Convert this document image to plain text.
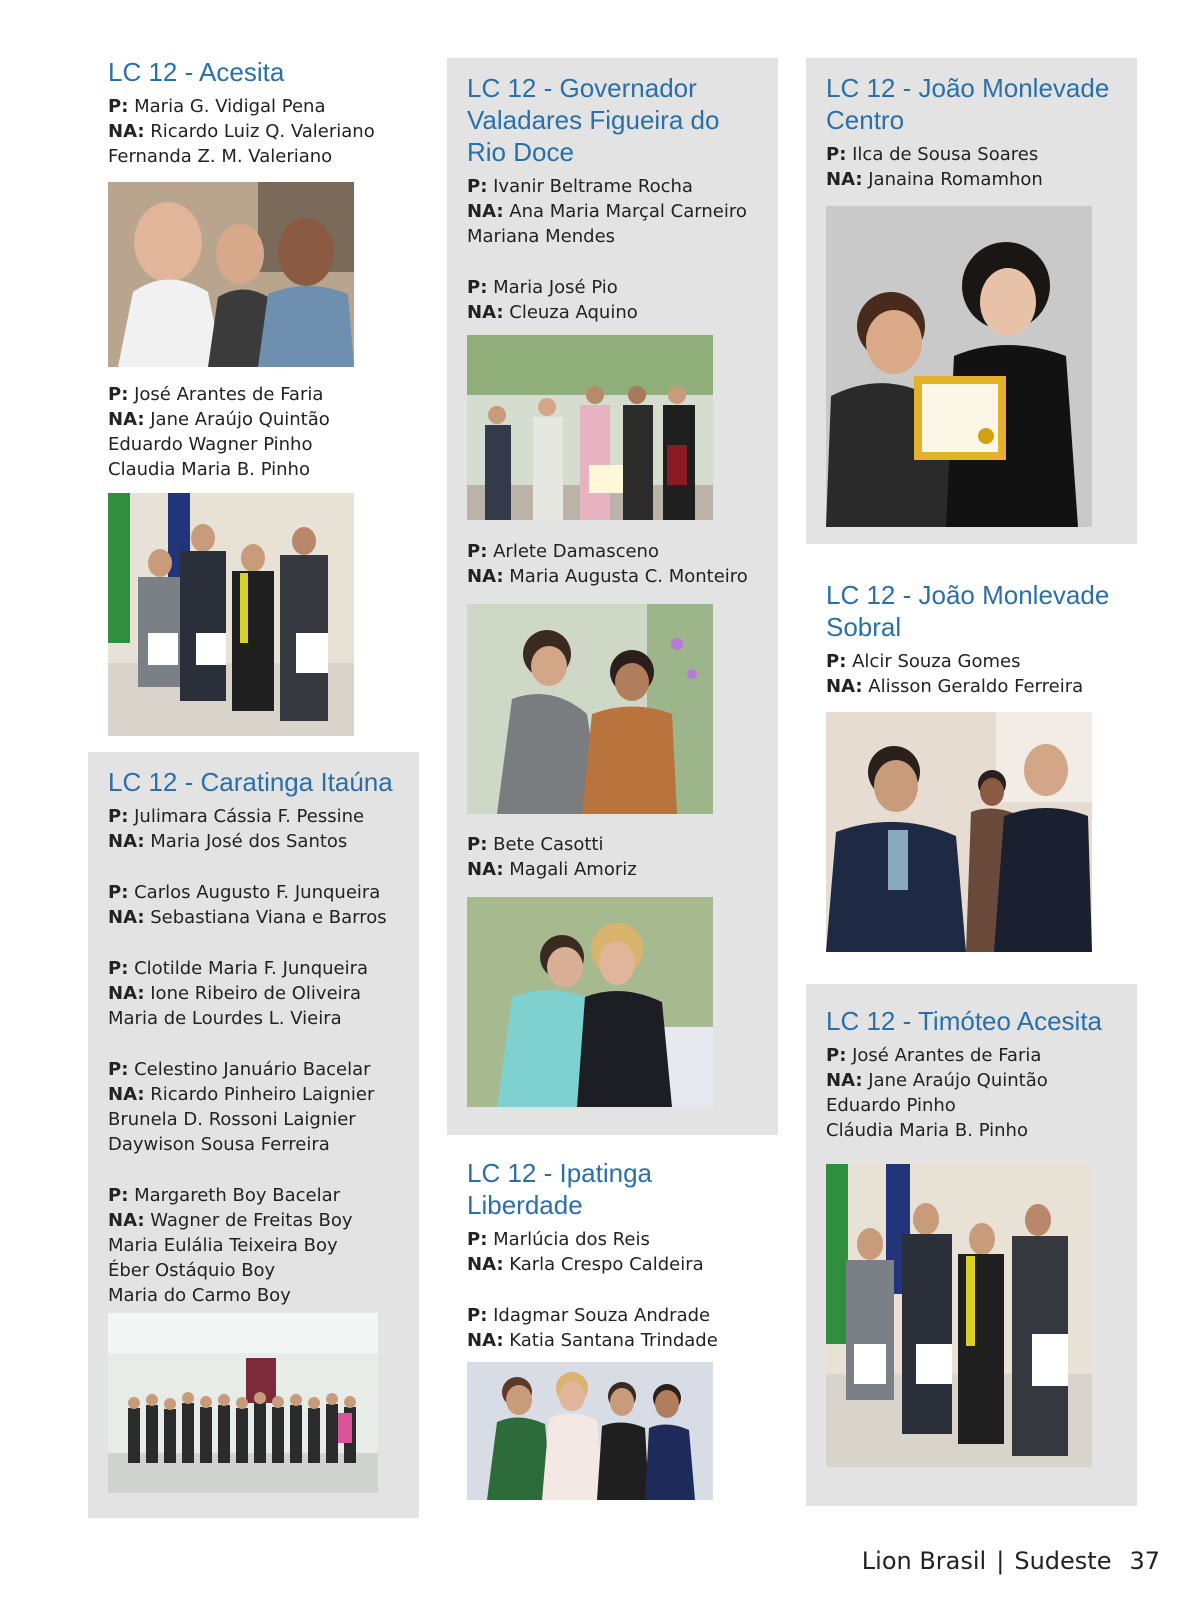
LC 12 - Acesita
P: Maria G. Vidigal Pena
NA: Ricardo Luiz Q. Valeriano
Fernanda Z. M. Valeriano
P: José Arantes de Faria
NA: Jane Araújo Quintão
Eduardo Wagner Pinho
Claudia Maria B. Pinho
LC 12 - Caratinga Itaúna
P: Julimara Cássia F. Pessine
NA: Maria José dos Santos
P: Carlos Augusto F. Junqueira
NA: Sebastiana Viana e Barros
P: Clotilde Maria F. Junqueira
NA: Ione Ribeiro de Oliveira
Maria de Lourdes L. Vieira
P: Celestino Januário Bacelar
NA: Ricardo Pinheiro Laignier
Brunela D. Rossoni Laignier
Daywison Sousa Ferreira
P: Margareth Boy Bacelar
NA: Wagner de Freitas Boy
Maria Eulália Teixeira Boy
Éber Ostáquio Boy
Maria do Carmo Boy
LC 12 - Governador
Valadares Figueira do
Rio Doce
P: Ivanir Beltrame Rocha
NA: Ana Maria Marçal Carneiro
Mariana Mendes
P: Maria José Pio
NA: Cleuza Aquino
P: Arlete Damasceno
NA: Maria Augusta C. Monteiro
P: Bete Casotti
NA: Magali Amoriz
LC 12 - Ipatinga
Liberdade
P: Marlúcia dos Reis
NA: Karla Crespo Caldeira
P: Idagmar Souza Andrade
NA: Katia Santana Trindade
LC 12 - João Monlevade
Centro
P: Ilca de Sousa Soares
NA: Janaina Romamhon
LC 12 - João Monlevade
Sobral
P: Alcir Souza Gomes
NA: Alisson Geraldo Ferreira
LC 12 - Timóteo Acesita
P: José Arantes de Faria
NA: Jane Araújo Quintão
Eduardo Pinho
Cláudia Maria B. Pinho
Lion Brasil | Sudeste 37
